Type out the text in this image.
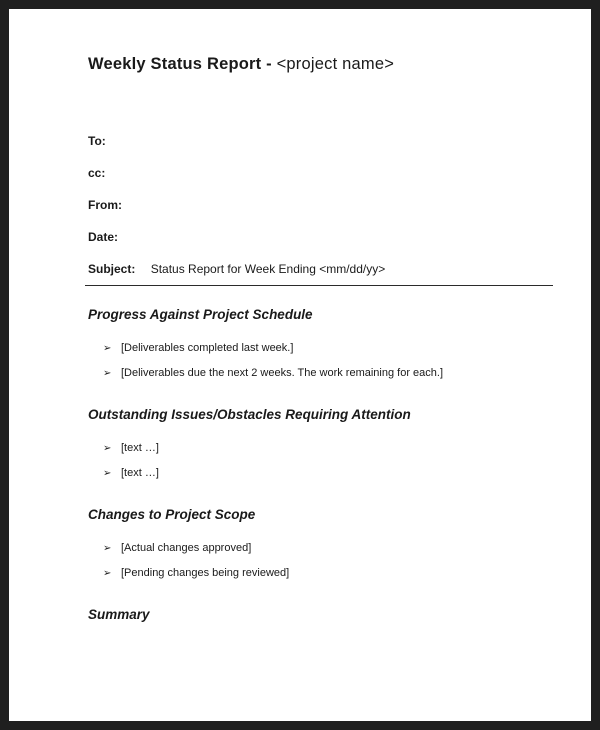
Weekly Status Report - <project name>
To:
cc:
From:
Date:
Subject: Status Report for Week Ending <mm/dd/yy>
Progress Against Project Schedule
➢ [Deliverables completed last week.]
➢ [Deliverables due the next 2 weeks. The work remaining for each.]
Outstanding Issues/Obstacles Requiring Attention
➢ [text …]
➢ [text …]
Changes to Project Scope
➢ [Actual changes approved]
➢ [Pending changes being reviewed]
Summary
